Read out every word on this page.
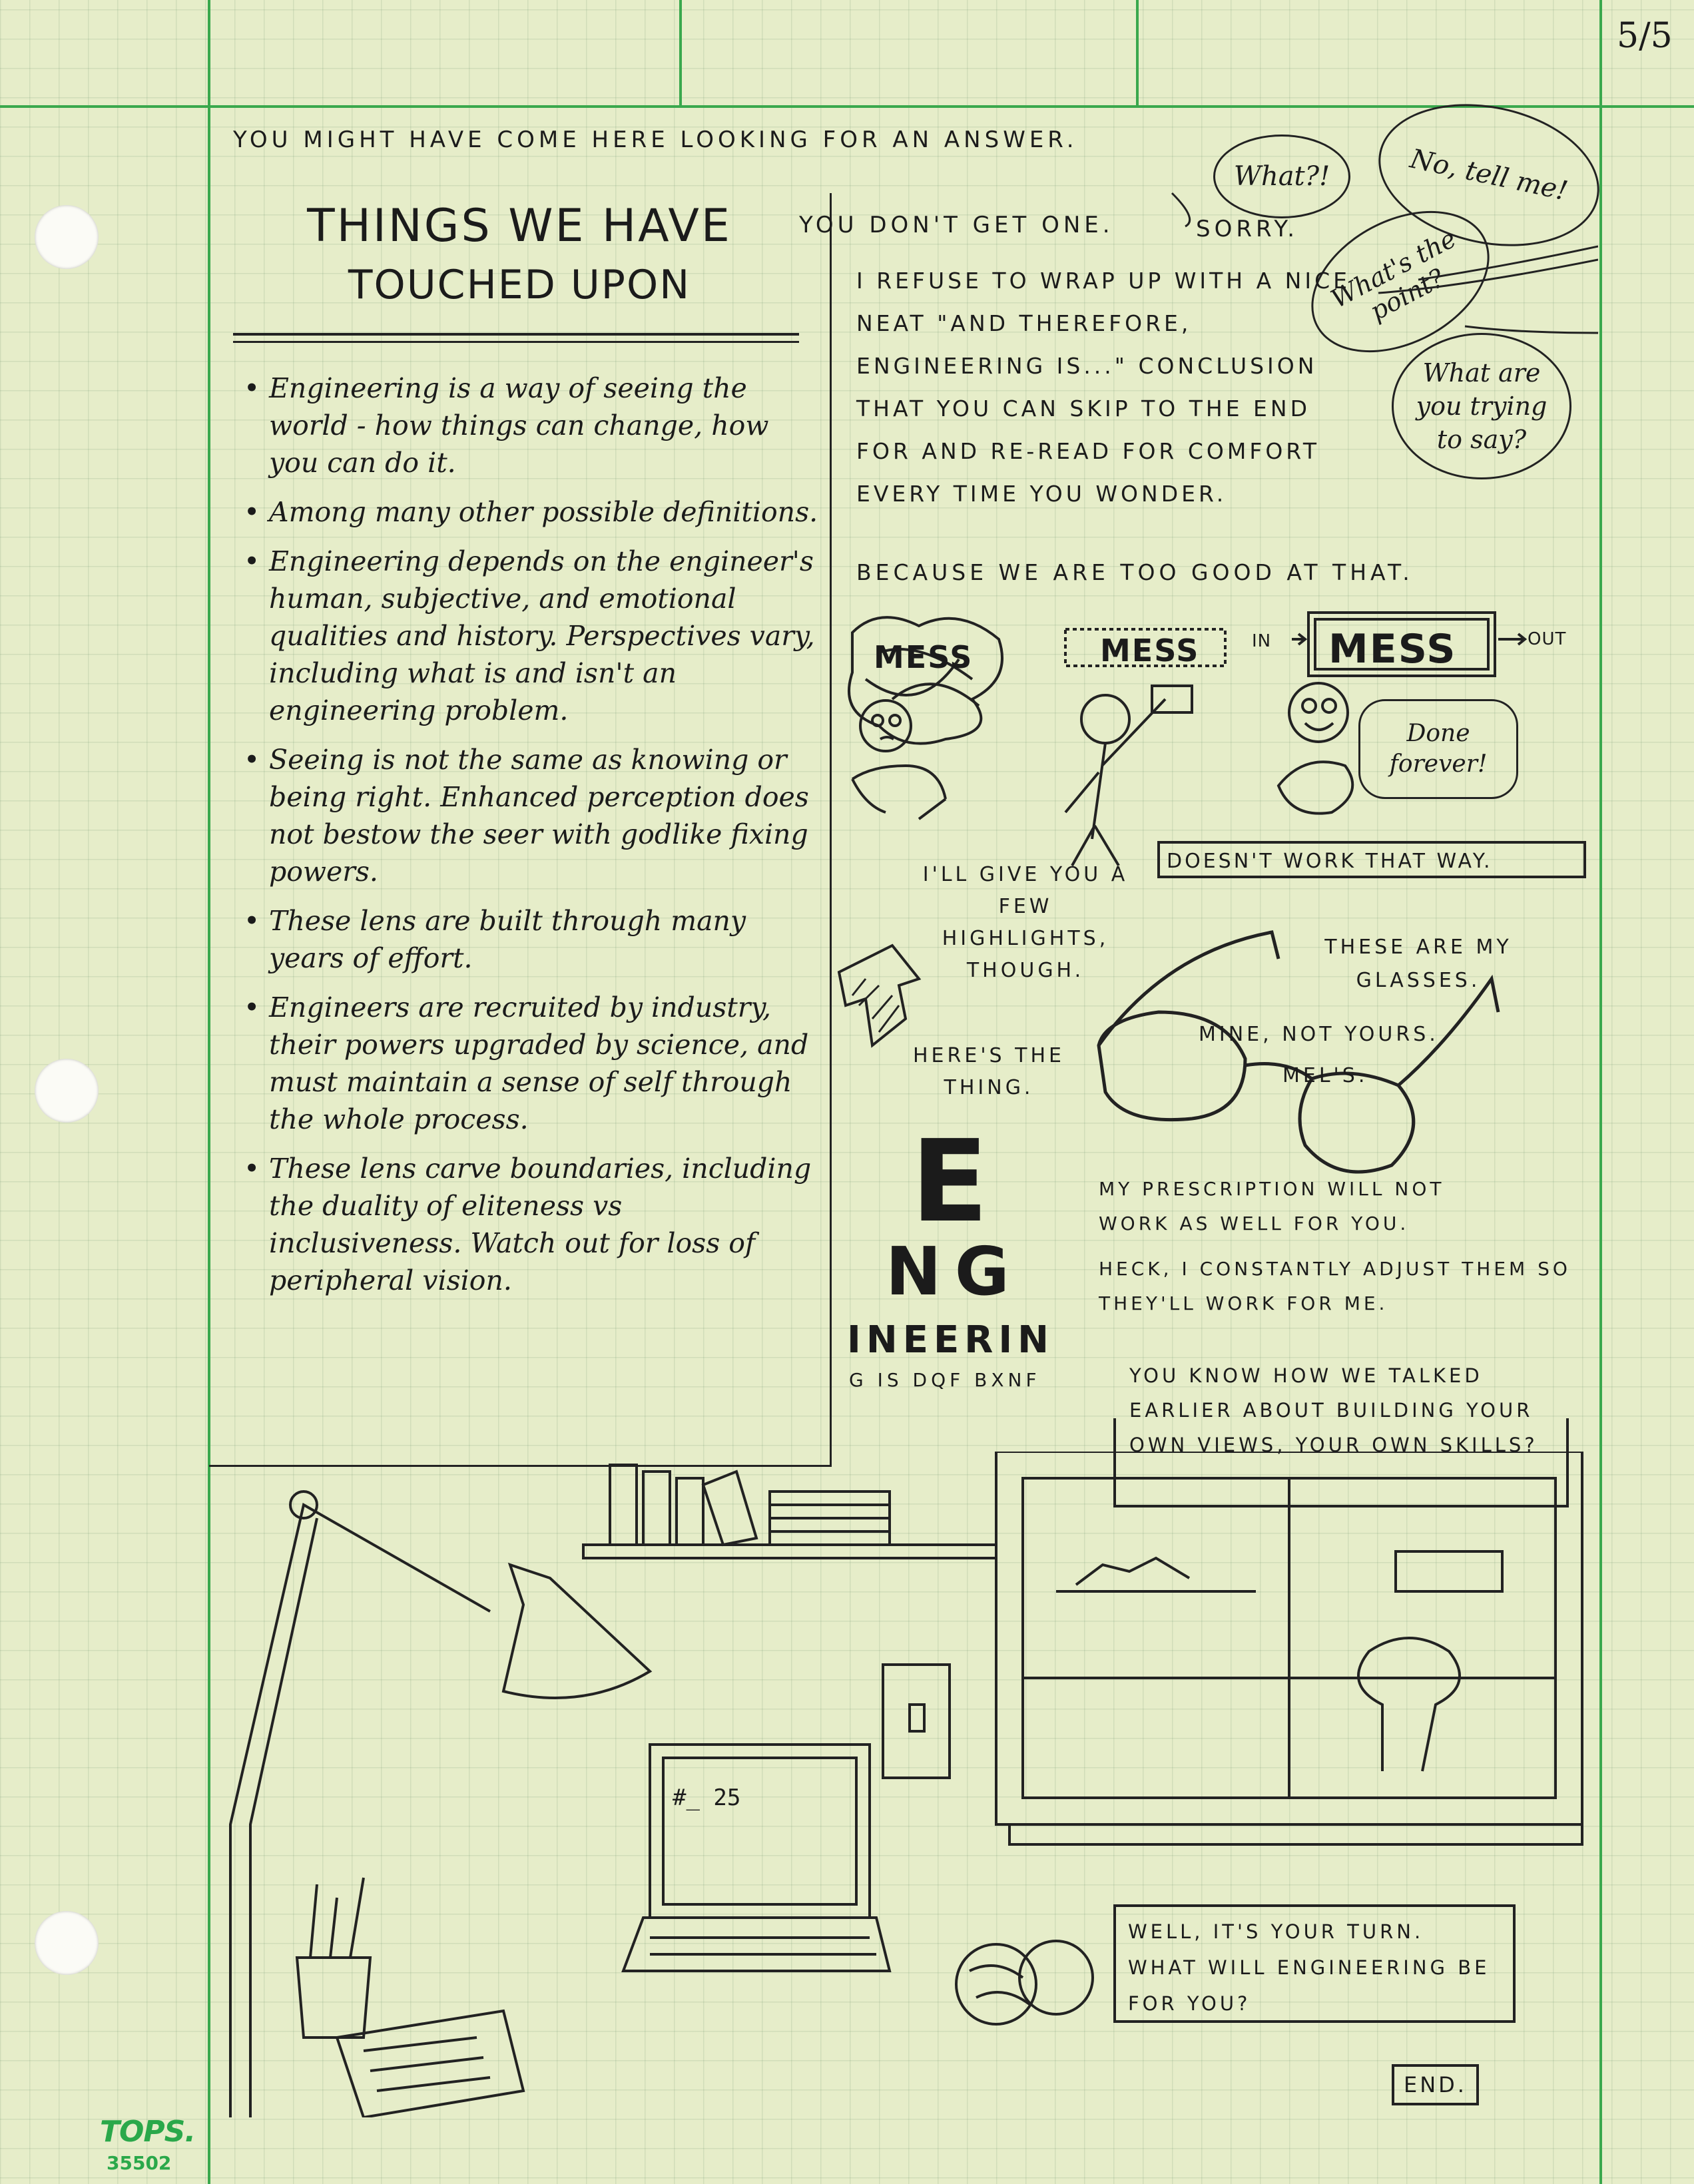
5/5
YOU MIGHT HAVE COME HERE LOOKING FOR AN ANSWER.
What?!	No, tell me!
What's the point?
What are you trying to say?
THINGS WE HAVE
TOUCHED UPON
• Engineering is a way of seeing the world - how things can change, how you can do it.
• Among many other possible definitions.
• Engineering depends on the engineer's human, subjective, and emotional qualities and history. Perspectives vary, including what is and isn't an engineering problem.
• Seeing is not the same as knowing or being right. Enhanced perception does not bestow the seer with godlike fixing powers.
• These lens are built through many years of effort.
• Engineers are recruited by industry, their powers upgraded by science, and must maintain a sense of self through the whole process.
• These lens carve boundaries, including the duality of eliteness vs inclusiveness. Watch out for loss of peripheral vision.
YOU DON'T GET ONE.	SORRY.
I REFUSE TO WRAP UP WITH A NICE NEAT "AND THEREFORE, ENGINEERING IS..." CONCLUSION THAT YOU CAN SKIP TO THE END FOR AND RE-READ FOR COMFORT EVERY TIME YOU WONDER.
BECAUSE WE ARE TOO GOOD AT THAT.
MESS	MESS	MESS
IN	OUT
Done forever!
DOESN'T WORK THAT WAY.
I'LL GIVE YOU A FEW HIGHLIGHTS, THOUGH.
HERE'S THE THING.
THESE ARE MY GLASSES.
MINE, NOT YOURS.
MEL'S.
MY PRESCRIPTION WILL NOT WORK AS WELL FOR YOU.
HECK, I CONSTANTLY ADJUST THEM SO THEY'LL WORK FOR ME.
E
NG
INEERIN
G IS DQF BXNF	YOU KNOW HOW WE TALKED EARLIER ABOUT BUILDING YOUR OWN VIEWS, YOUR OWN SKILLS?
#_ 25
WELL, IT'S YOUR TURN. WHAT WILL ENGINEERING BE FOR YOU?
END.
TOPS.
35502
